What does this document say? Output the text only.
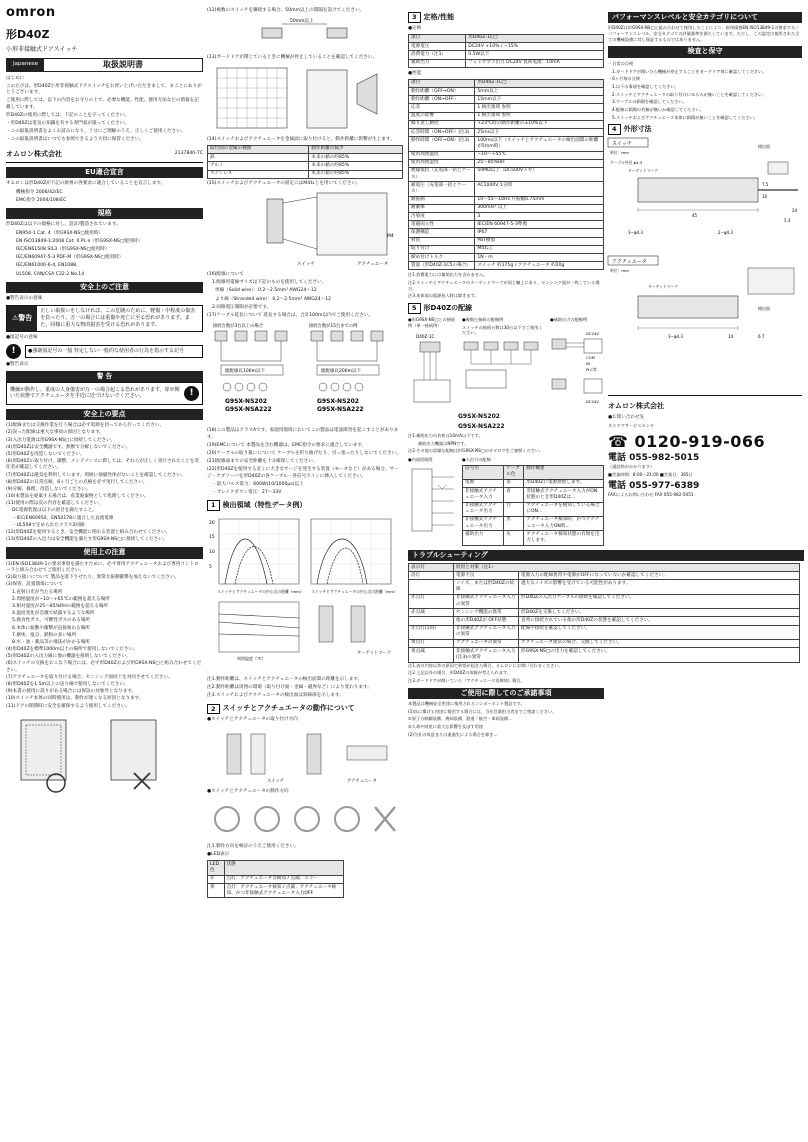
omron
形D40Z
小形非接触式ドアスイッチ
Japanese	取扱説明書

はじめに

このたびは、形D40Z小形非接触式ドアスイッチをお買い上げいただきまして、まことにありがとうございます。

ご使用に際しては、以下の内容をお守りの上で、必要な機能、性能、使用方法などの情報を記載しています。

形D40Zの使用に際しては、下記のことを守ってください。

・形D40Zは電気の知識を有する専門家が扱ってください。

・この取扱説明書をよくお読みになり、十分にご理解のうえ、正しくご使用ください。

・この取扱説明書はいつでも参照できるよう大切に保管ください。

オムロン株式会社	2137840-7C
EU適合宣言

オムロンは形D40Zが下記の欧州の各要求に適合していることを宣言します。

機械指令 2006/42/EC

EMC指令 2004/108/EC

規格

形D40Zは以下の規格に対し、設計/製造されています。

EN954-1 Cat. 4（形G9SX-NS□使用時）

EN ISO13849-1:2008 Cat. 4 PL e（形G9SX-NS□使用時）

IEC/EN61508 SIL3（形G9SX-NS□使用時）

IEC/EN60947-5-3 PDF-M（形G9SX-NS□使用時）

IEC/EN61000-6-4, EN1088,

UL508, CAN/CSA C22.2 No.14

安全上のご注意

●警告表示の意味

⚠ 警告
正しい取扱いをしなければ、この危険のために、軽傷・中程度の傷害を負ったり、万一の場合には重傷や死亡に至る恐れがあります。また、同様に重大な物的損害を受ける恐れがあります。

●図記号の意味

!	●強制図記号の一般 特定しない一般的な使用者の行為を指示する記号

●警告表示

警 告
機械が動作し、重度の人身傷害が万一の場合起こる恐れがあります。扉が開いた状態でアクチュエータを手近に近づけないでください。	!
安全上の要点

(1)配線または交換作業を行う場合は必ず電源を切ってから行ってください。

(2)誤った配線は重大な事故の原因となります。

(3)入出力電源は形G9SX-NS□に接続してください。

(4)形D40Zは安全機器です。無断で分解しないでください。

(5)形D40Zを改造しないでください。

(6)形D40Zの取り付け、調整、メンテナンスに際しては、それらが正しく実行されたことを責任者が確認してください。

(7)形D40Zは磁気を利用しています。周囲に強磁性体がないことを確認してください。

(8)形D40Zの日常点検、6ヶ月ごとの点検を必ず実行してください。

(9)分解、修理、改造しないでください。

(10)本製品を廃棄する場合は、産業廃棄物として処理してください。

(11)使用の際は次の内容を確認してください。

DC電源装置は以下の項目を満たすこと。

・IEC/EN60950、EN50178に適合した直流電源

・UL508で定められたクラス2回路

(12)形D40Zを使用するとき、安全機能に関わる装置と組み合わせてください。

(13)形D40Zの入出力は安全機能を満たす形G9SX-NS□に接続してください。

使用上の注意

(1)EN ISO13849-1の要求事項を満たすために、必ず専用アクチュエータおよび専用コントローラと組み合わせてご使用ください。

(2)取り扱いについて 製品を落下させたり、異常な振動衝撃を加えないでください。

(3)保管、設置環境について

1.直射日光が当たる場所

2.周囲温度が−10〜+65℃の範囲を超える場所

3.相対湿度が25〜85%RHの範囲を超える場所

4.温度変化が急激で結露するような場所

5.腐食性ガス、可燃性ガスのある場所

6.本体に振動や衝撃が直接加わる場所

7.塵埃、塩分、鉄粉の多い場所

8.水・油・薬品等の飛沫がかかる場所

(4)形D40Zを標準1000m以上の場所で使用しないでください。

(5)形D40Zの入出力線に他の機器を接続しないでください。

(6)スイッチの交換をおこなう場合には、必ず形D40Zおよび形G9SX-NS□と組み合わせてください。

(7)アクチュエータを取り付ける場合、センシング面同士を対向させてください。

(8)形D40Zを1.5m以上の送り線で使用しないでください。

(9)本書の使用に誤りがある場合には保証の対象外となります。

(10)スイッチ本体の同時使用は、動作が遅くなる原因となります。

(11)ドアの開閉時に安全を確保するよう使用してください。

(12)複数のスイッチを隣接する場合、50mm以上の間隔を設けてください。

50mm以上

(13)ガードドアが閉じているときに機械が停止していることを確認してください。

(14)スイッチおよびアクチュエータを金属面に取り付けると、動作距離に影響が生じます。

取付面の金属の種類	動作距離の減少
鉄	本来の値の約85%
アルミ	本来の値の約85%
ステンレス	本来の値の約85%

(15)スイッチおよびアクチュエータの固定にはM4ねじを用いてください。

スイッチ	アクチュエータ
M4

(16)配線について

1.配線用電線サイズは下記のものを使用してください。

単線（Solid wire）：0.2〜2.5mm² AWG24〜12

より線（Stranded wire）：0.2〜2.5mm² AWG24〜12

2.回路電圧制限が必要です。

(17)ケーブル延長について 延長する場合は、合計100m以内でご使用ください。

接続台数が3台以上の場合	接続台数が15台までの例
総配線長100m以下	総配線長200m以下
G9SX-NS202
G9SX-NSA222
G9SX-NS202
G9SX-NSA222

(18)この製品はクラスAです。家庭用環境においてこの製品は電波障害を起こすことがあります。

(19)EMCについて 本製品を含む機器は、EMC指令の要求に適合しています。

(20)ケーブルの取り扱いについて ケーブルを折り曲げたり、引っ張ったりしないでください。

(21)配線面までの安全距離を十分確保してください。

(22)形D40Zを使用する近くに大きなサージを発生する装置（モータなど）がある場合、サージ・アブソーバを形D40Zの各ケーブル・各信号ラインに挿入してください。

・最大パルス電力：600W(10/1000μs)以上

・ブレイクダウン電圧：27〜33V

1	検出領域（特性データ例）
20
15
10
5
スイッチとアクチュエータの中心点の距離（mm） スイッチとアクチュエータの中心点の距離（mm）
周囲温度（℃）
ターゲットマーク

注1.動作距離は、スイッチとアクチュエータの検出面間の距離を示します。

注2.動作距離は周囲の環境（取り付け面・金属・磁界など）により変わります。

注3.スイッチおよびアクチュエータの検出面は斜線部を示します。

2	スイッチとアクチュエータの動作について

●スイッチとアクチュエータの取り付け方向

スイッチ	アクチュエータ

●スイッチとアクチュエータの動作方向

注1.動作方向を検討のうえご使用ください。

●LED表示

LED色	状態
赤	点灯：アクチュエータ非検知 / 点滅：エラー
黄	点灯：アクチュエータ検知 / 点滅：アクチュエータ検知、かつ非接触式アクチュエータ入力OFF
3	定格/性能

●定格

項目	形D40Z-1C□
電源電圧	DC24V +10% / −15%
消費電力（注1）	0.5W以下
補助出力	フォトカプラ出力 DC24V 負荷電流：10mA

●性能

項目	形D40Z-1C□
動作距離（OFF→ON）	5mm以上
動作距離（ON→OFF）	15mm以下
応差	1 検出領域 参照
温度の影響	1 検出領域 参照
繰り返し精度	+23℃時の動作距離の±10%以下
応答時間（ON→OFF）(注3)	25ms以下
動作時間（OFF→ON）(注3)	100ms以下（スイッチとアクチュエータの検出面間の距離が5mm時）
使用周囲温度	−10〜+55℃
使用周囲湿度	25〜85%RH
絶縁抵抗（充電部一括とケース）	50MΩ以上（DC500Vメガ）
耐電圧（充電部一括とケース）	AC1000V 1分間
耐振動	10〜55〜10Hz 片振幅0.75mm
耐衝撃	300m/s² 以上
汚染度	3
電磁両立性	IEC/EN 60947-5-3準拠
保護構造	IP67
材質	PBT樹脂
取り付け	M4ねじ
締め付けトルク	1N・m
質量（形D40Z-1C5の場合）	スイッチ 約175g / アクチュエータ 約20g

注1.消費電力には補助出力を含みません。

注2.スイッチとアクチュエータのターゲットマークが同じ軸上にあり、センシング面が一致している場合。

注3.本体部の電源投入時は除きます。

5	形D40Zの配線

●形G9SX-NS□との接続例（単一接続例）

D40Z-1C

●複数台接続の配線例

スイッチの接続台数は30台以下でご使用ください。

●補助出力の配線例

DC24V
COM
IN
PLC等
DC24V

G9SX-NS202

G9SX-NSA222

注1.補助出力の負荷は10mA以下です。

補助出力機器はNPNです。

注2.その他の詳細な配線は形G9SX-NS□のカタログをご参照ください。

●内部回路図	●入出力の配線

信号名	ケーブル色	動作概要
電源	茶	形D40Zに電源供給します。
非接触式アクチュエータ入力	青	非接触式アクチュエータ入力がON状態のとき形D40Zは...
非接触式アクチュエータ出力	白	アクチュエータを検知している場合にON...
非接触式アクチュエータ出力	黒	アクチュエータ検知時、かつアクチュエータ入力ON時...
補助出力	灰	アクチュエータ検知状態の有無を出力します。
トラブルシューティング
表示灯	原因と対策（注1）	
消灯	電源不良	電源入力の配線異常や電源がOFFになっていないか確認してください。
	ノイズ、または形D40Zの故障	過大なノイズの影響を受けている可能性があります。
赤点灯	非接触式アクチュエータ入力の異常	形D40Zの入出力ケーブルの接続を確認してください。
赤点滅	センシング機能の異常	形D40Zを交換してください。
	他の形D40Zが OFF状態	直列に接続されている他の形D40Zの状態を確認してください。
赤点灯(1回)	非接触式アクチュエータ入力の異常	配線や接続を確認してください。
黄点灯	アクチュエータの異常	アクチュエータ異常の場合、交換してください。
黄点滅	非接触式アクチュエータ入力(注3)の異常	形G9SX-NS□の出力を確認してください。

注1.表の内容以外の原因で異常が起きた場合、オムロンにお問い合わせください。

注2.上記以外の場合、形D40Zの故障が考えられます。

注3.ガードドアが開いている（アクチュエータ非検知）場合。

ご使用に際してのご承諾事項

本製品は機械安全用途に使用されるコンポーネント製品です。

(1)次に掲げる用途に使用する場合には、当社営業担当者までご相談ください。

①原子力制御設備、焼却設備、鉄道・航空・車両設備...

②人命や財産に重大な影響を及ぼす用途

(2)当社の故意または重過失による場合を除き...

パフォーマンスレベルと安全カテゴリについて

形D40Zは形G9SX-NS□と組み合わせて使用したことにより、欧州規格EN ISO13849-1の要求する／パフォーマンスレベル、安全カテゴリの評価基準を満たしています。ただし、この認定は使用された全ての機械設備に対し保証するものではありません。

検査と保守

・日常の点検

1.ガードドアが開いたら機械が停止することをガードドア毎に確認してください。

・6ヶ月毎の点検

1.以下の事項を確認してください。

2.スイッチとアクチュエータの取り付けにゆるみが無いことを確認してください。

3.ケーブルの損傷を確認してください。

4.配線に損傷の有無が無いか確認してください。

5.スイッチおよびアクチュエータ本体に損傷が無いことを確認してください。

4	外形寸法
スイッチ
単位：mm
検出面
ケーブル外径 φ4.3
ターゲットマーク
45
3−φ4.3	2−φ4.3
7.5
10
24
5.3
アクチュエータ
単位：mm
ターゲットマーク
検出面
3−φ4.3	14	6.7
オムロン株式会社

●お問い合わせ先

カスタマサービスセンタ

☎ 0120-919-066
電話 055-982-5015

（通話料がかかります）

■営業時間：8:00〜21:00 ■営業日：365日

電話 055-977-6389

FAXによるお問い合わせ FAX 055-982-5051
